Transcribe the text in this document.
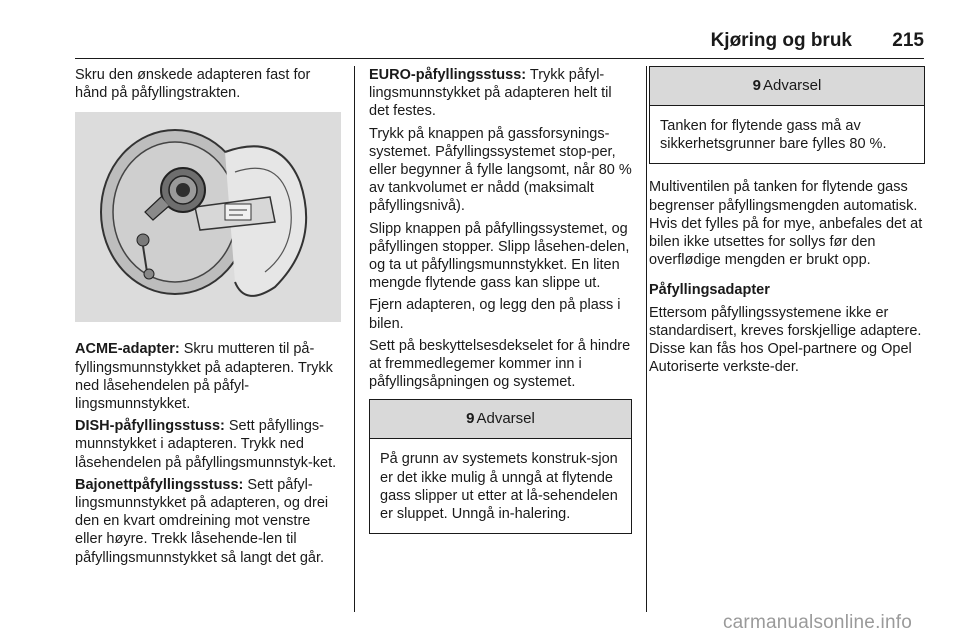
Kjøring og bruk 215

Skru den ønskede adapteren fast for hånd på påfyllingstrakten.

ACME-adapter: Skru mutteren til på-fyllingsmunnstykket på adapteren. Trykk ned låsehendelen på påfyl-lingsmunnstykket.

DISH-påfyllingsstuss: Sett påfyllings-munnstykket i adapteren. Trykk ned låsehendelen på påfyllingsmunnstyk-ket.

Bajonettpåfyllingsstuss: Sett påfyl-lingsmunnstykket på adapteren, og drei den en kvart omdreining mot venstre eller høyre. Trekk låsehende-len til påfyllingsmunnstykket så langt det går.

EURO-påfyllingsstuss: Trykk påfyl-lingsmunnstykket på adapteren helt til det festes.

Trykk på knappen på gassforsynings-systemet. Påfyllingssystemet stop-per, eller begynner å fylle langsomt, når 80 % av tankvolumet er nådd (maksimalt påfyllingsnivå).

Slipp knappen på påfyllingssystemet, og påfyllingen stopper. Slipp låsehen-delen, og ta ut påfyllingsmunnstykket. En liten mengde flytende gass kan slippe ut.

Fjern adapteren, og legg den på plass i bilen.

Sett på beskyttelsesdekselet for å hindre at fremmedlegemer kommer inn i påfyllingsåpningen og systemet.

9 Advarsel
På grunn av systemets konstruk-sjon er det ikke mulig å unngå at flytende gass slipper ut etter at lå-sehendelen er sluppet. Unngå in-halering.
9 Advarsel
Tanken for flytende gass må av sikkerhetsgrunner bare fylles 80 %.

Multiventilen på tanken for flytende gass begrenser påfyllingsmengden automatisk. Hvis det fylles på for mye, anbefales det at bilen ikke utsettes for sollys før den overflødige mengden er brukt opp.

Påfyllingsadapter

Ettersom påfyllingssystemene ikke er standardisert, kreves forskjellige adaptere. Disse kan fås hos Opel-partnere og Opel Autoriserte verkste-der.

carmanualsonline.info
